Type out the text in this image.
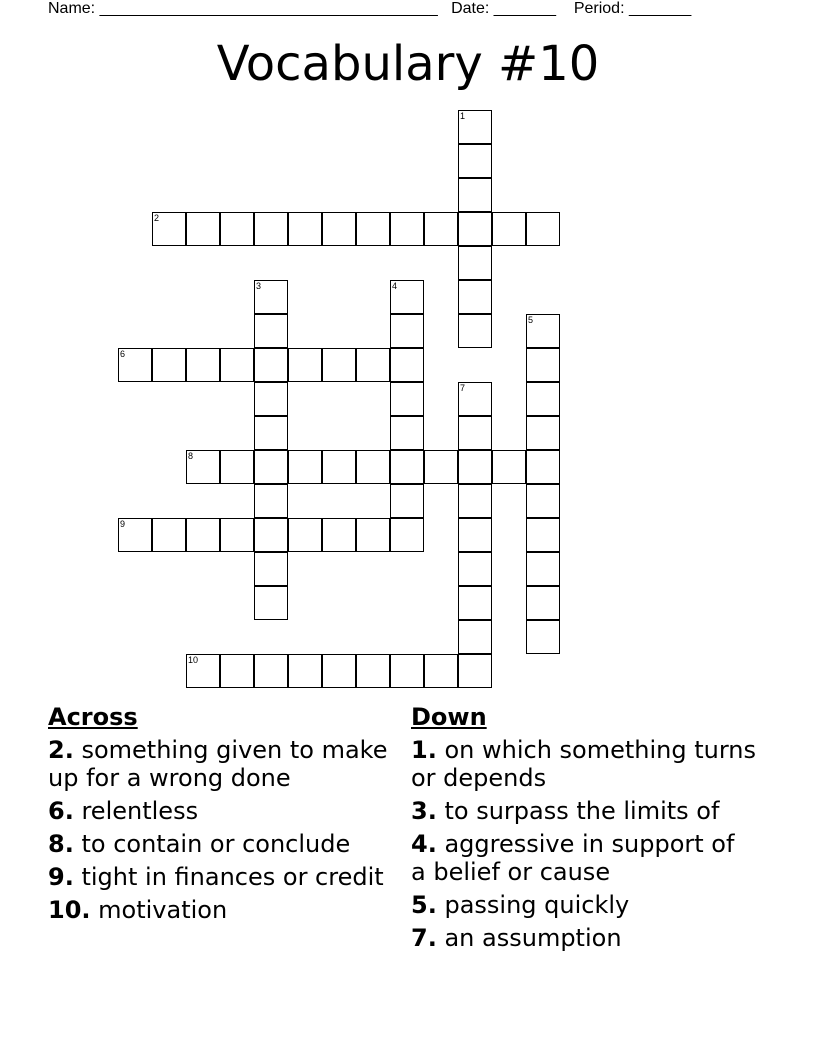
Name: ______________________________________ Date: _______ Period: _______
Vocabulary #10
1
2
3	4
5
6
7
8
9
10
Across
2. something given to make up for a wrong done
6. relentless
8. to contain or conclude
9. tight in finances or credit
10. motivation
Down
1. on which something turns or depends
3. to surpass the limits of
4. aggressive in support of a belief or cause
5. passing quickly
7. an assumption
